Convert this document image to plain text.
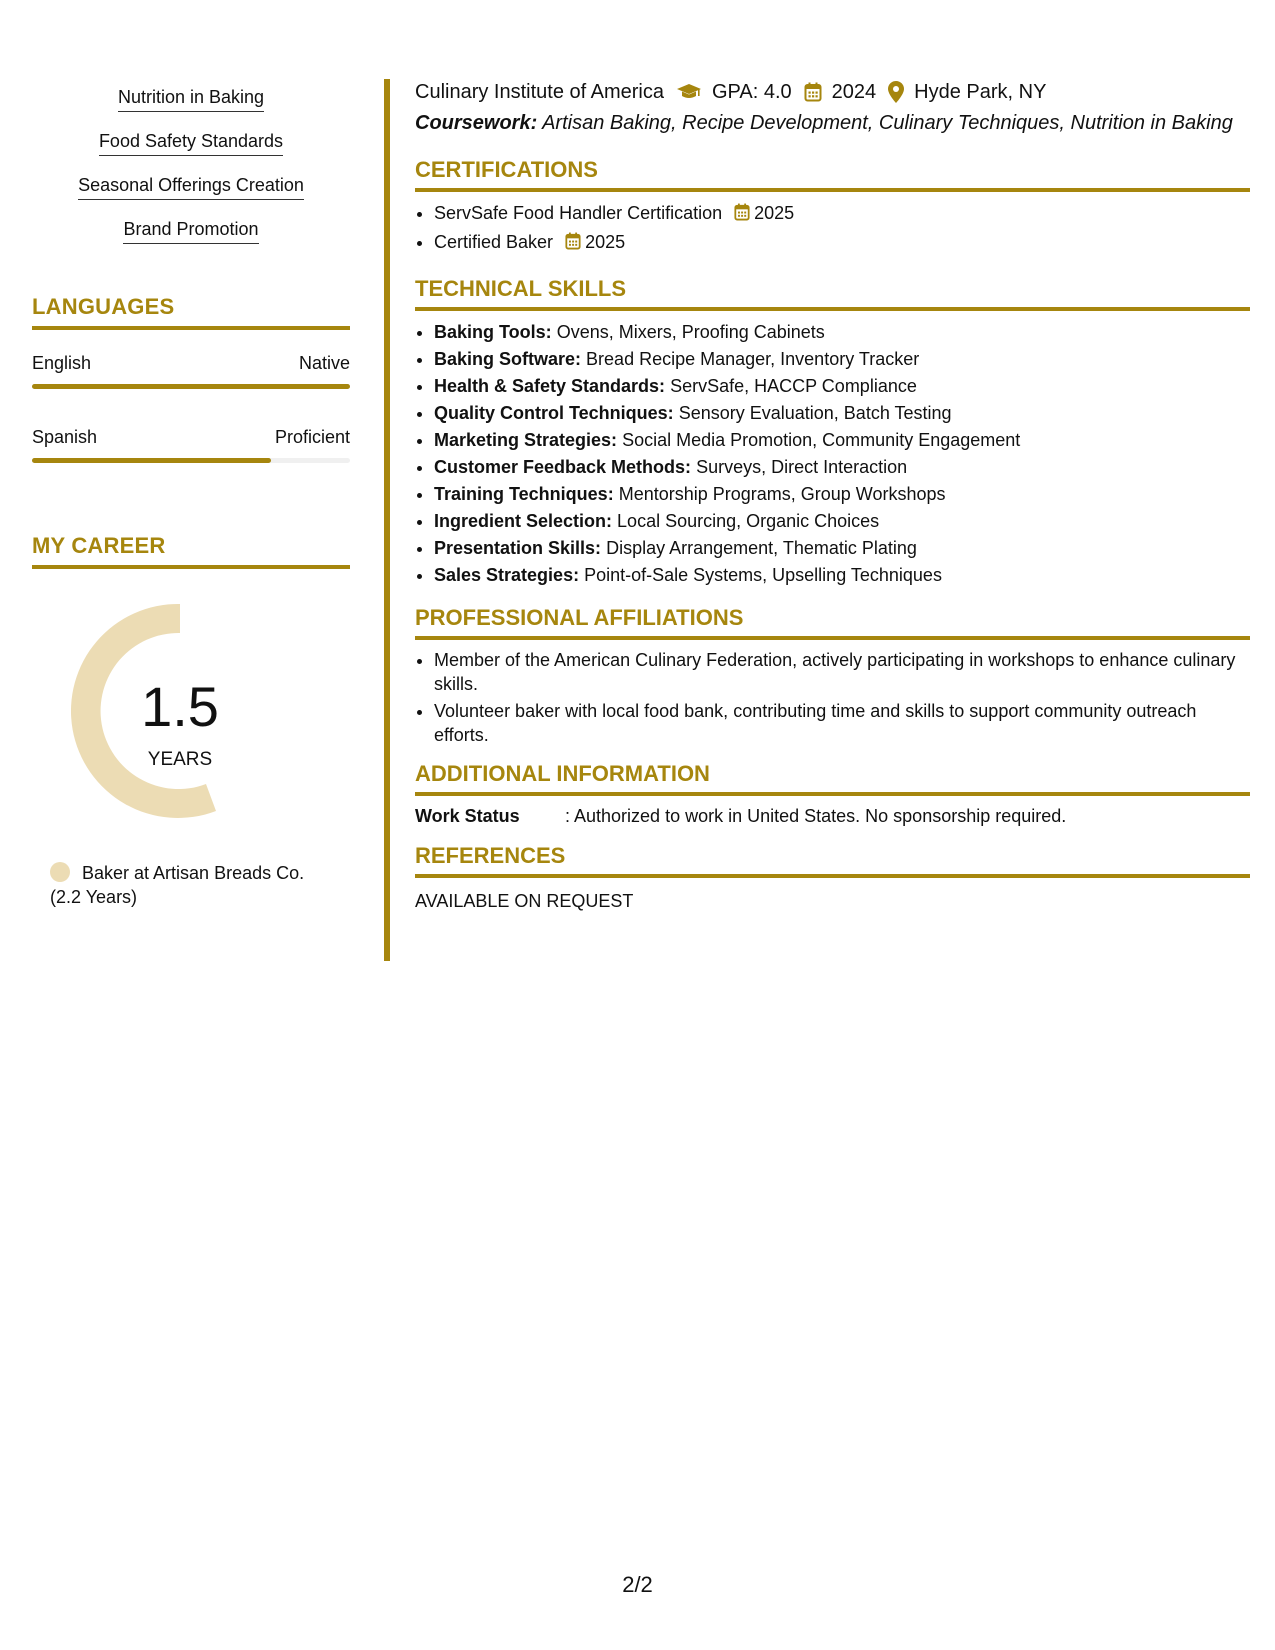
Nutrition in Baking
Food Safety Standards
Seasonal Offerings Creation
Brand Promotion
LANGUAGES
English	Native
Spanish	Proficient
MY CAREER
1.5
YEARS
Baker at Artisan Breads Co.
(2.2 Years)
Culinary Institute of America GPA: 4.0 2024 Hyde Park, NY
Coursework: Artisan Baking, Recipe Development, Culinary Techniques, Nutrition in Baking
CERTIFICATIONS
• ServSafe Food Handler Certification 2025
• Certified Baker 2025
TECHNICAL SKILLS
• Baking Tools: Ovens, Mixers, Proofing Cabinets
• Baking Software: Bread Recipe Manager, Inventory Tracker
• Health & Safety Standards: ServSafe, HACCP Compliance
• Quality Control Techniques: Sensory Evaluation, Batch Testing
• Marketing Strategies: Social Media Promotion, Community Engagement
• Customer Feedback Methods: Surveys, Direct Interaction
• Training Techniques: Mentorship Programs, Group Workshops
• Ingredient Selection: Local Sourcing, Organic Choices
• Presentation Skills: Display Arrangement, Thematic Plating
• Sales Strategies: Point-of-Sale Systems, Upselling Techniques
PROFESSIONAL AFFILIATIONS
• Member of the American Culinary Federation, actively participating in workshops to enhance culinary skills.
• Volunteer baker with local food bank, contributing time and skills to support community outreach efforts.
ADDITIONAL INFORMATION
Work Status	: Authorized to work in United States. No sponsorship required.
REFERENCES
AVAILABLE ON REQUEST
2/2
